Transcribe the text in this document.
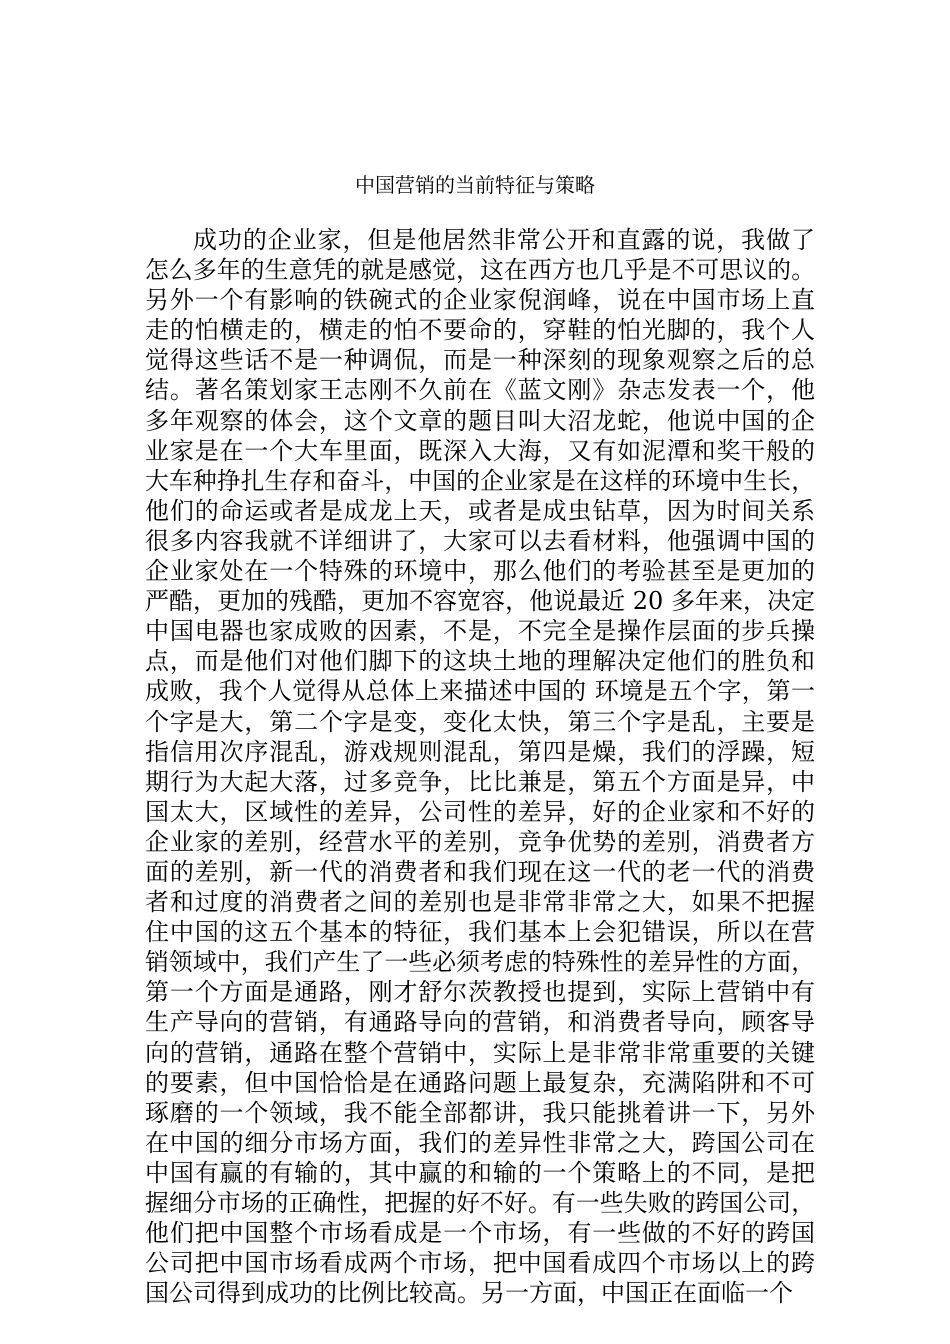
中国营销的当前特征与策略
成功的企业家，但是他居然非常公开和直露的说，我做了
怎么多年的生意凭的就是感觉，这在西方也几乎是不可思议的。
另外一个有影响的铁碗式的企业家倪润峰，说在中国市场上直
走的怕横走的，横走的怕不要命的，穿鞋的怕光脚的，我个人
觉得这些话不是一种调侃，而是一种深刻的现象观察之后的总
结。著名策划家王志刚不久前在《蓝文刚》杂志发表一个，他
多年观察的体会，这个文章的题目叫大沼龙蛇，他说中国的企
业家是在一个大车里面，既深入大海，又有如泥潭和奖干般的
大车种挣扎生存和奋斗，中国的企业家是在这样的环境中生长，
他们的命运或者是成龙上天，或者是成虫钻草，因为时间关系
很多内容我就不详细讲了，大家可以去看材料，他强调中国的
企业家处在一个特殊的环境中，那么他们的考验甚至是更加的
严酷，更加的残酷，更加不容宽容，他说最近 20 多年来，决定
中国电器也家成败的因素，不是，不完全是操作层面的步兵操
点，而是他们对他们脚下的这块土地的理解决定他们的胜负和
成败，我个人觉得从总体上来描述中国的 环境是五个字，第一
个字是大，第二个字是变，变化太快，第三个字是乱，主要是
指信用次序混乱，游戏规则混乱，第四是燥，我们的浮躁，短
期行为大起大落，过多竞争，比比兼是，第五个方面是异，中
国太大，区域性的差异，公司性的差异，好的企业家和不好的
企业家的差别，经营水平的差别，竞争优势的差别，消费者方
面的差别，新一代的消费者和我们现在这一代的老一代的消费
者和过度的消费者之间的差别也是非常非常之大，如果不把握
住中国的这五个基本的特征，我们基本上会犯错误，所以在营
销领域中，我们产生了一些必须考虑的特殊性的差异性的方面，
第一个方面是通路，刚才舒尔茨教授也提到，实际上营销中有
生产导向的营销，有通路导向的营销，和消费者导向，顾客导
向的营销，通路在整个营销中，实际上是非常非常重要的关键
的要素，但中国恰恰是在通路问题上最复杂，充满陷阱和不可
琢磨的一个领域，我不能全部都讲，我只能挑着讲一下，另外
在中国的细分市场方面，我们的差异性非常之大，跨国公司在
中国有赢的有输的，其中赢的和输的一个策略上的不同，是把
握细分市场的正确性，把握的好不好。有一些失败的跨国公司，
他们把中国整个市场看成是一个市场，有一些做的不好的跨国
公司把中国市场看成两个市场，把中国看成四个市场以上的跨
国公司得到成功的比例比较高。另一方面，中国正在面临一个
